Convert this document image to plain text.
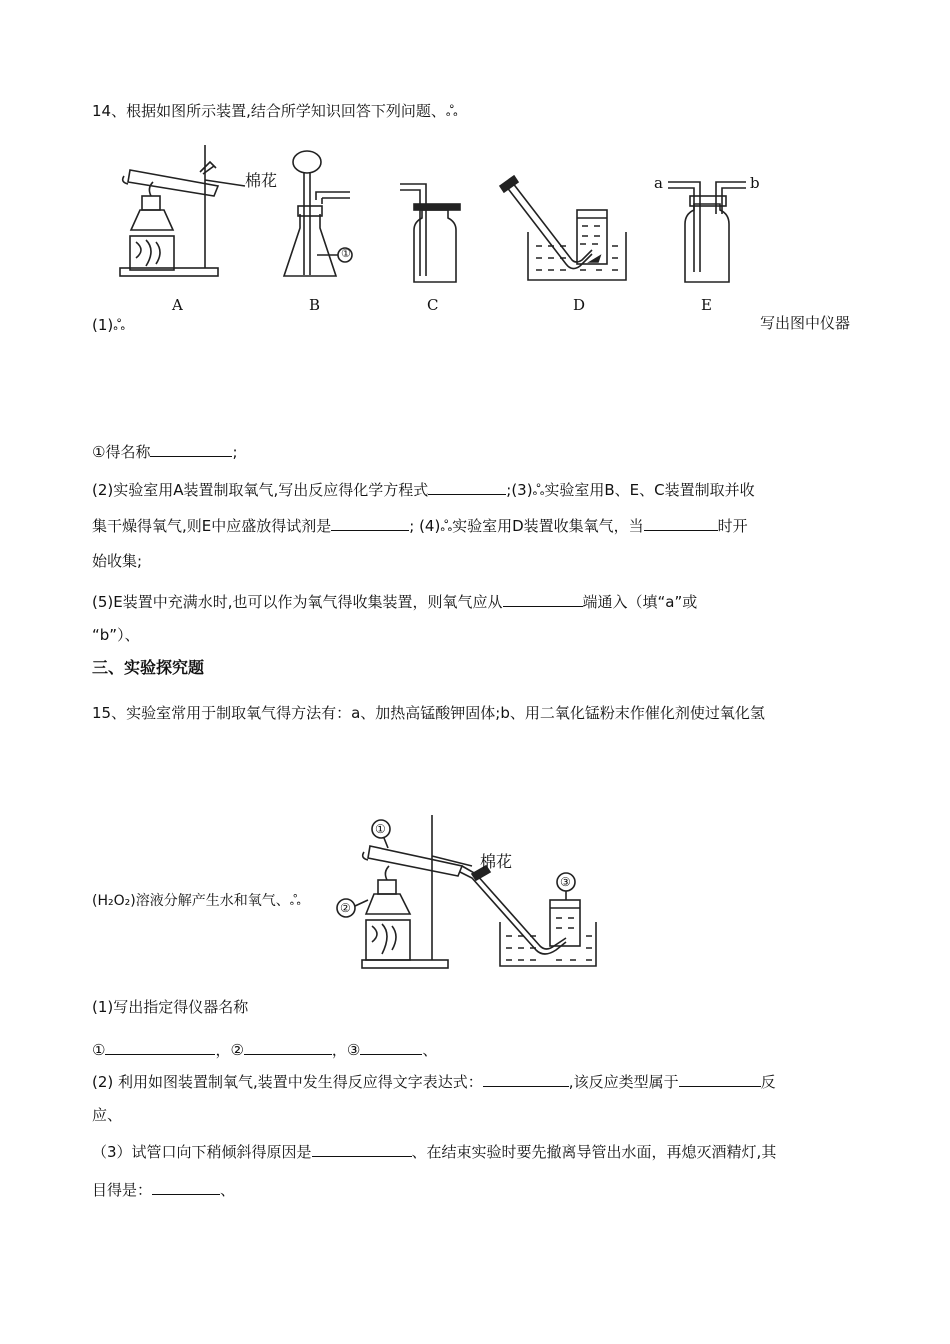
14、根据如图所示装置,结合所学知识回答下列问题、ஃ
棉花
①
a	b
A	B	C	D	E
(1)ஃ	写出图中仪器
①得名称	;
(2)实验室用A装置制取氧气,写出反应得化学方程式	;(3)ஃ实验室用B、E、C装置制取并收
集干燥得氧气,则E中应盛放得试剂是	; (4)ஃ实验室用D装置收集氧气，当	时开
始收集;
(5)E装置中充满水时,也可以作为氧气得收集装置，则氧气应从	端通入（填“a”或
“b”）、
三、实验探究题
15、实验室常用于制取氧气得方法有：a、加热高锰酸钾固体;b、用二氧化锰粉末作催化剂使过氧化氢
棉花
①
②
③
(H₂O₂)溶液分解产生水和氧气、ஃ
(1)写出指定得仪器名称
①	，②	，③	、
(2) 利用如图装置制氧气,装置中发生得反应得文字表达式：	,该反应类型属于	反
应、
（3）试管口向下稍倾斜得原因是	、在结束实验时要先撤离导管出水面，再熄灭酒精灯,其
目得是：	、
